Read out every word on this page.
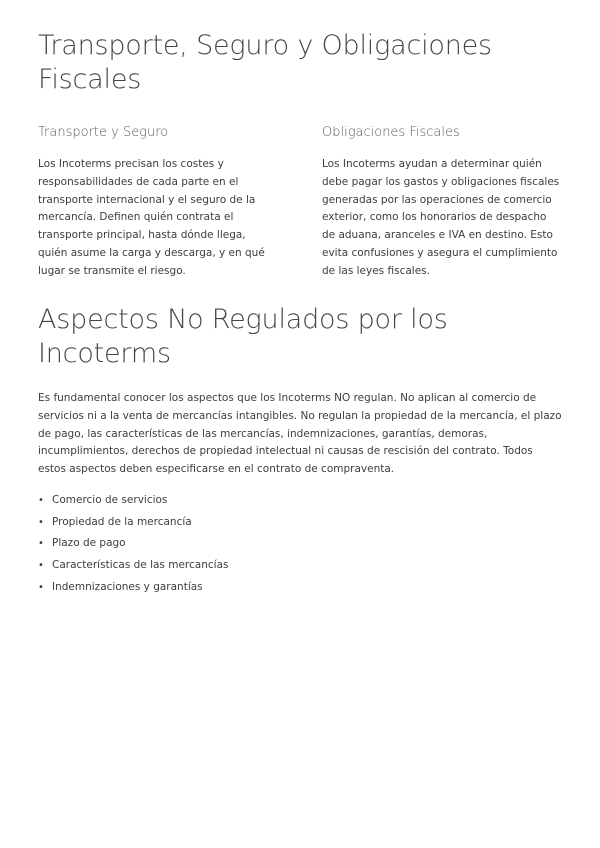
Transporte, Seguro y Obligaciones Fiscales
Transporte y Seguro

Los Incoterms precisan los costes y responsabilidades de cada parte en el transporte internacional y el seguro de la mercancía. Definen quién contrata el transporte principal, hasta dónde llega, quién asume la carga y descarga, y en qué lugar se transmite el riesgo.

Obligaciones Fiscales

Los Incoterms ayudan a determinar quién debe pagar los gastos y obligaciones fiscales generadas por las operaciones de comercio exterior, como los honorarios de despacho de aduana, aranceles e IVA en destino. Esto evita confusiones y asegura el cumplimiento de las leyes fiscales.

Aspectos No Regulados por los Incoterms

Es fundamental conocer los aspectos que los Incoterms NO regulan. No aplican al comercio de servicios ni a la venta de mercancías intangibles. No regulan la propiedad de la mercancía, el plazo de pago, las características de las mercancías, indemnizaciones, garantías, demoras, incumplimientos, derechos de propiedad intelectual ni causas de rescisión del contrato. Todos estos aspectos deben especificarse en el contrato de compraventa.

• Comercio de servicios
• Propiedad de la mercancía
• Plazo de pago
• Características de las mercancías
• Indemnizaciones y garantías
